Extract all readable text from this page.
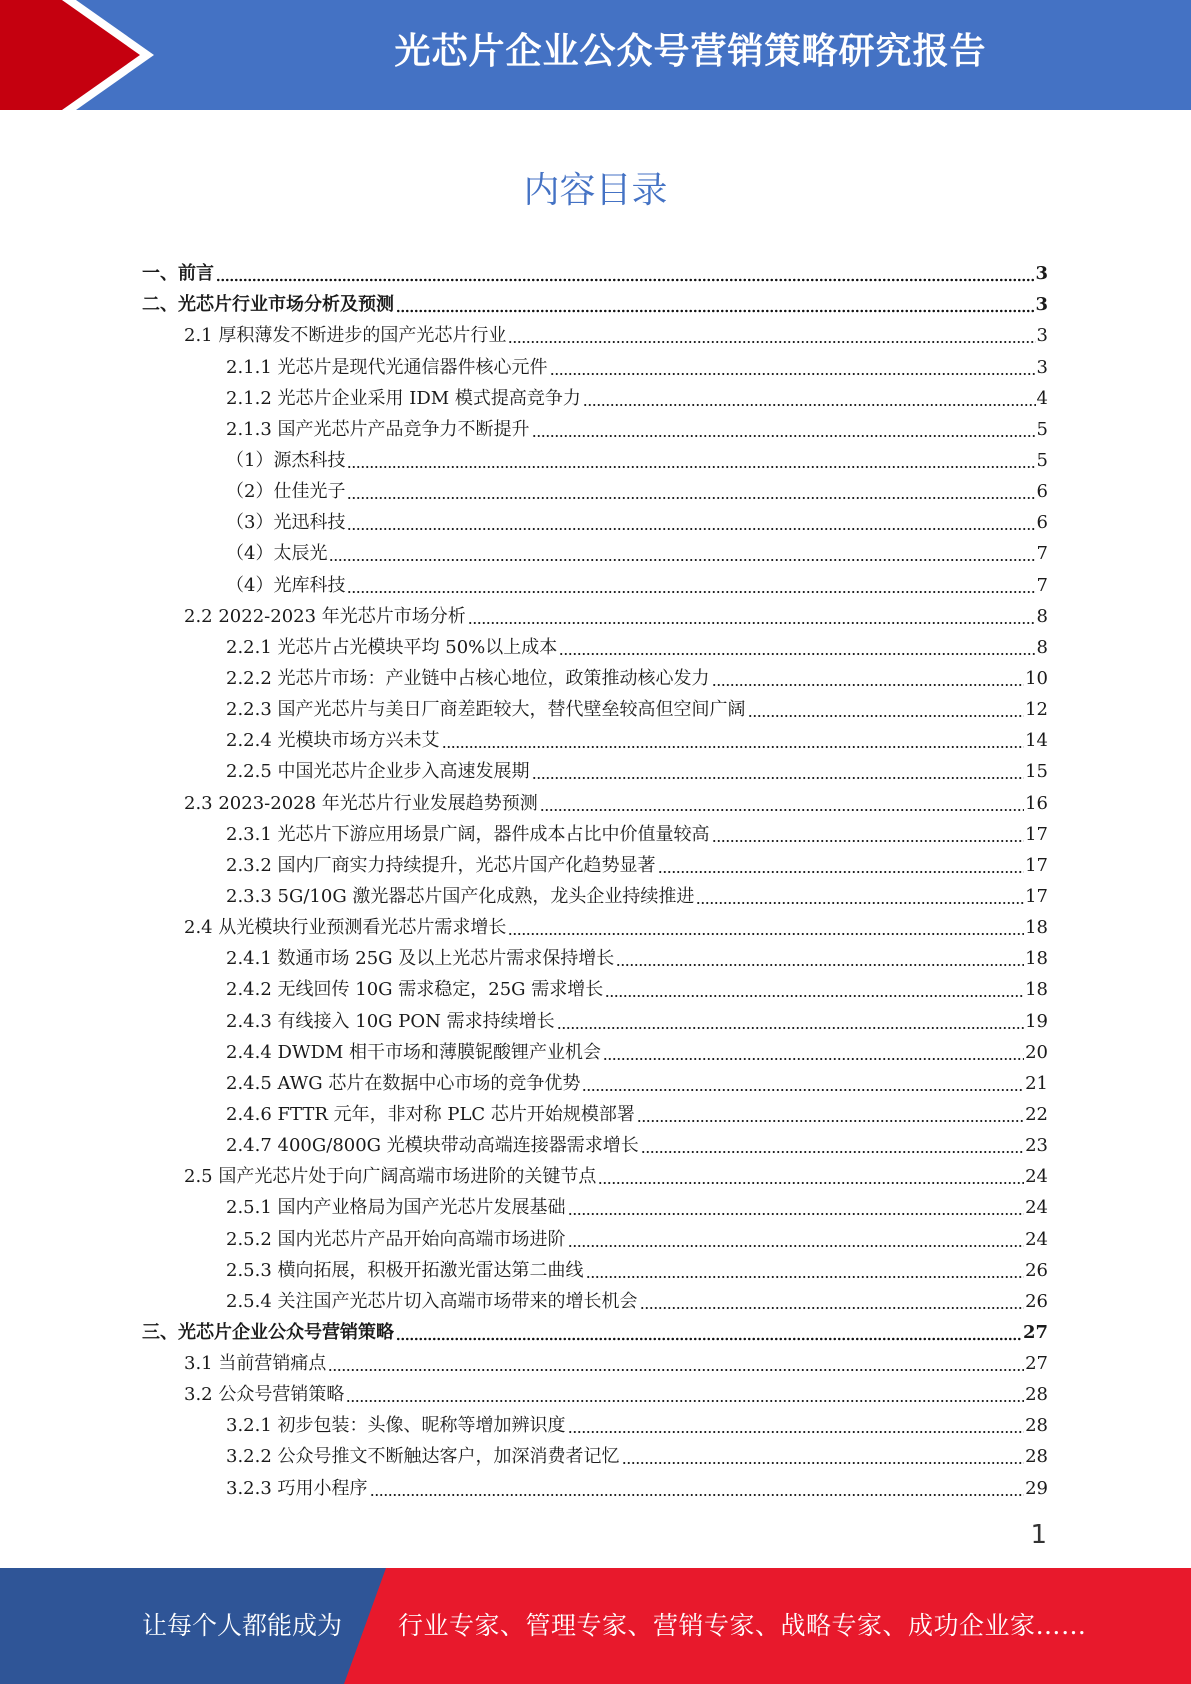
光芯片企业公众号营销策略研究报告
内容目录
一、前言	3
二、光芯片行业市场分析及预测	3
2.1 厚积薄发不断进步的国产光芯片行业	3
2.1.1 光芯片是现代光通信器件核心元件	3
2.1.2 光芯片企业采用 IDM 模式提高竞争力	4
2.1.3 国产光芯片产品竞争力不断提升	5
（1）源杰科技	5
（2）仕佳光子	6
（3）光迅科技	6
（4）太辰光	7
（4）光库科技	7
2.2 2022-2023 年光芯片市场分析	8
2.2.1 光芯片占光模块平均 50%以上成本	8
2.2.2 光芯片市场：产业链中占核心地位，政策推动核心发力	10
2.2.3 国产光芯片与美日厂商差距较大，替代壁垒较高但空间广阔	12
2.2.4 光模块市场方兴未艾	14
2.2.5 中国光芯片企业步入高速发展期	15
2.3 2023-2028 年光芯片行业发展趋势预测	16
2.3.1 光芯片下游应用场景广阔，器件成本占比中价值量较高	17
2.3.2 国内厂商实力持续提升，光芯片国产化趋势显著	17
2.3.3 5G/10G 激光器芯片国产化成熟，龙头企业持续推进	17
2.4 从光模块行业预测看光芯片需求增长	18
2.4.1 数通市场 25G 及以上光芯片需求保持增长	18
2.4.2 无线回传 10G 需求稳定，25G 需求增长	18
2.4.3 有线接入 10G PON 需求持续增长	19
2.4.4 DWDM 相干市场和薄膜铌酸锂产业机会	20
2.4.5 AWG 芯片在数据中心市场的竞争优势	21
2.4.6 FTTR 元年，非对称 PLC 芯片开始规模部署	22
2.4.7 400G/800G 光模块带动高端连接器需求增长	23
2.5 国产光芯片处于向广阔高端市场进阶的关键节点	24
2.5.1 国内产业格局为国产光芯片发展基础	24
2.5.2 国内光芯片产品开始向高端市场进阶	24
2.5.3 横向拓展，积极开拓激光雷达第二曲线	26
2.5.4 关注国产光芯片切入高端市场带来的增长机会	26
三、光芯片企业公众号营销策略	27
3.1 当前营销痛点	27
3.2 公众号营销策略	28
3.2.1 初步包装：头像、昵称等增加辨识度	28
3.2.2 公众号推文不断触达客户，加深消费者记忆	28
3.2.3 巧用小程序	29
1
让每个人都能成为 行业专家、管理专家、营销专家、战略专家、成功企业家……
